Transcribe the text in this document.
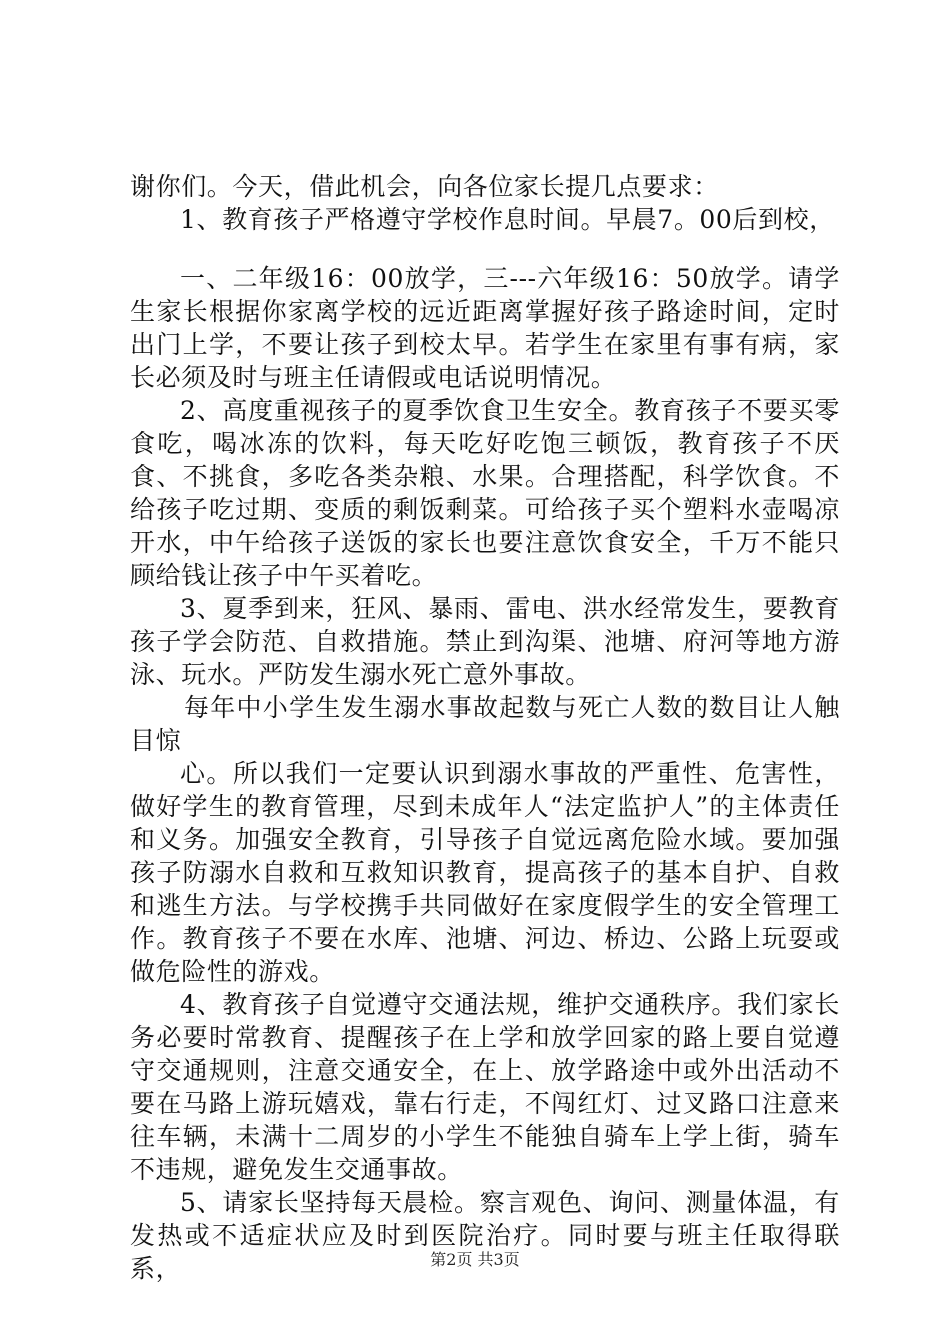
谢你们。今天，借此机会，向各位家长提几点要求：

1、教育孩子严格遵守学校作息时间。早晨7。00后到校，

一、二年级16：00放学，三---六年级16：50放学。请学生家长根据你家离学校的远近距离掌握好孩子路途时间，定时出门上学，不要让孩子到校太早。若学生在家里有事有病，家长必须及时与班主任请假或电话说明情况。

2、高度重视孩子的夏季饮食卫生安全。教育孩子不要买零食吃，喝冰冻的饮料，每天吃好吃饱三顿饭，教育孩子不厌食、不挑食，多吃各类杂粮、水果。合理搭配，科学饮食。不给孩子吃过期、变质的剩饭剩菜。可给孩子买个塑料水壶喝凉开水，中午给孩子送饭的家长也要注意饮食安全，千万不能只顾给钱让孩子中午买着吃。

3、夏季到来，狂风、暴雨、雷电、洪水经常发生，要教育孩子学会防范、自救措施。禁止到沟渠、池塘、府河等地方游泳、玩水。严防发生溺水死亡意外事故。

每年中小学生发生溺水事故起数与死亡人数的数目让人触目惊

心。所以我们一定要认识到溺水事故的严重性、危害性，做好学生的教育管理，尽到未成年人“法定监护人”的主体责任和义务。加强安全教育，引导孩子自觉远离危险水域。要加强孩子防溺水自救和互救知识教育，提高孩子的基本自护、自救和逃生方法。与学校携手共同做好在家度假学生的安全管理工作。教育孩子不要在水库、池塘、河边、桥边、公路上玩耍或做危险性的游戏。

4、教育孩子自觉遵守交通法规，维护交通秩序。我们家长务必要时常教育、提醒孩子在上学和放学回家的路上要自觉遵守交通规则，注意交通安全，在上、放学路途中或外出活动不要在马路上游玩嬉戏，靠右行走，不闯红灯、过叉路口注意来往车辆，未满十二周岁的小学生不能独自骑车上学上街，骑车不违规，避免发生交通事故。

5、请家长坚持每天晨检。察言观色、询问、测量体温，有发热或不适症状应及时到医院治疗。同时要与班主任取得联系，	第2页 共3页
